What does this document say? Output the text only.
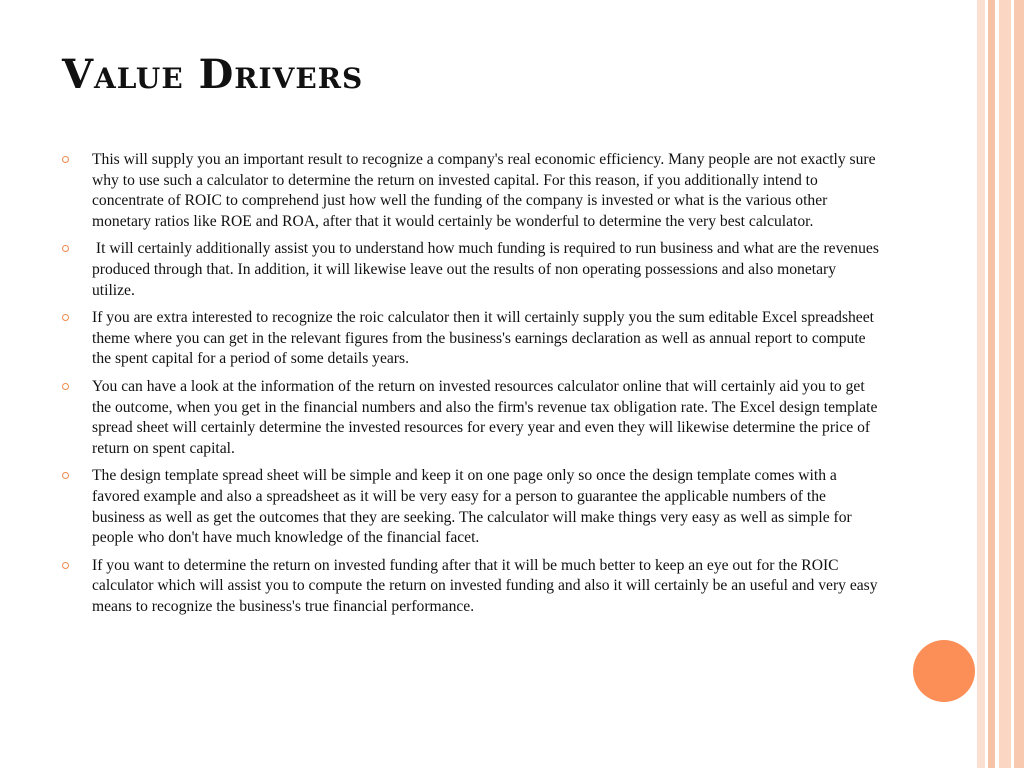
Value Drivers
This will supply you an important result to recognize a company's real economic efficiency. Many people are not exactly sure why to use such a calculator to determine the return on invested capital. For this reason, if you additionally intend to concentrate of ROIC to comprehend just how well the funding of the company is invested or what is the various other monetary ratios like ROE and ROA, after that it would certainly be wonderful to determine the very best calculator.
It will certainly additionally assist you to understand how much funding is required to run business and what are the revenues produced through that. In addition, it will likewise leave out the results of non operating possessions and also monetary utilize.
If you are extra interested to recognize the roic calculator then it will certainly supply you the sum editable Excel spreadsheet theme where you can get in the relevant figures from the business's earnings declaration as well as annual report to compute the spent capital for a period of some details years.
You can have a look at the information of the return on invested resources calculator online that will certainly aid you to get the outcome, when you get in the financial numbers and also the firm's revenue tax obligation rate. The Excel design template spread sheet will certainly determine the invested resources for every year and even they will likewise determine the price of return on spent capital.
The design template spread sheet will be simple and keep it on one page only so once the design template comes with a favored example and also a spreadsheet as it will be very easy for a person to guarantee the applicable numbers of the business as well as get the outcomes that they are seeking. The calculator will make things very easy as well as simple for people who don't have much knowledge of the financial facet.
If you want to determine the return on invested funding after that it will be much better to keep an eye out for the ROIC calculator which will assist you to compute the return on invested funding and also it will certainly be an useful and very easy means to recognize the business's true financial performance.
